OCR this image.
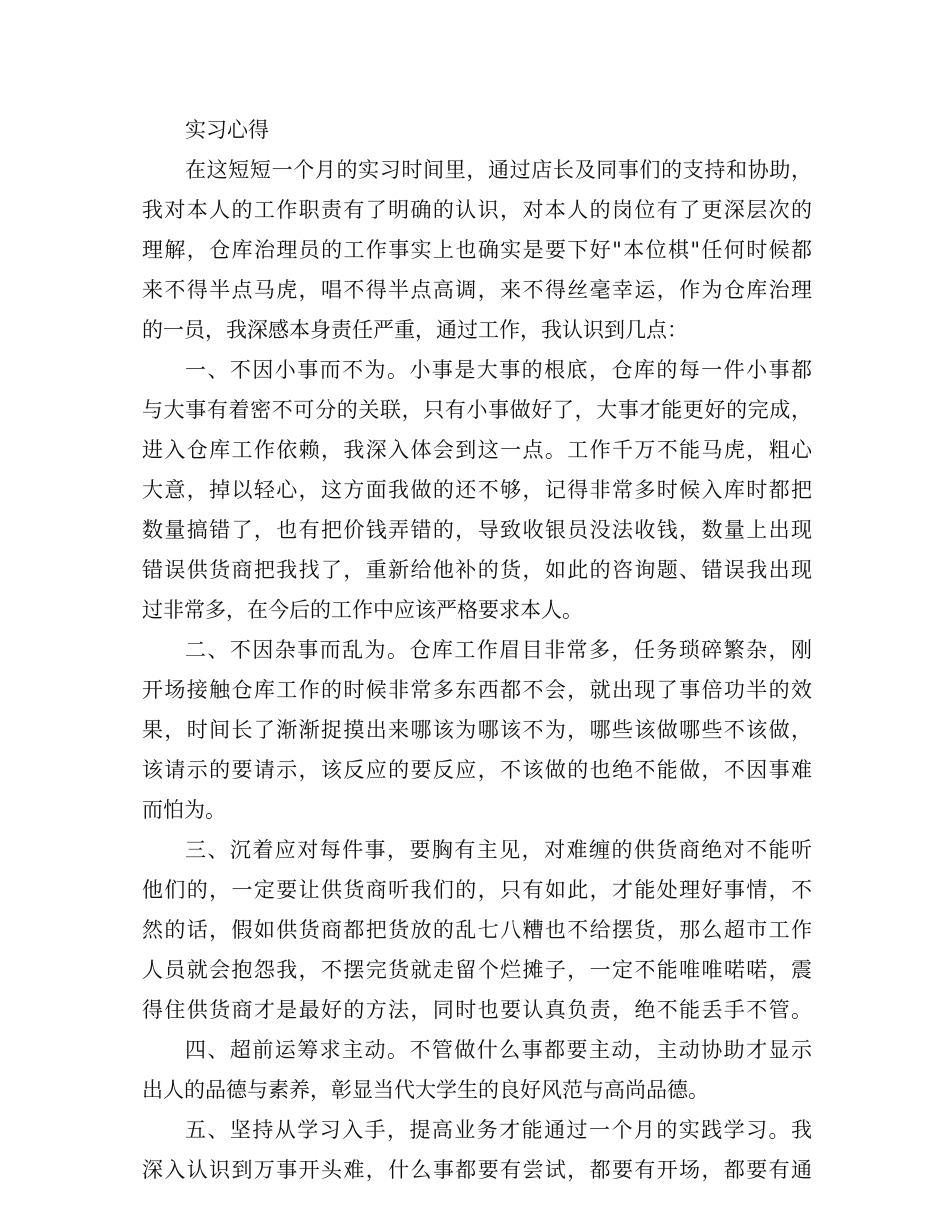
实习心得
在这短短一个月的实习时间里，通过店长及同事们的支持和协助，
我对本人的工作职责有了明确的认识，对本人的岗位有了更深层次的
理解，仓库治理员的工作事实上也确实是要下好"本位棋"任何时候都
来不得半点马虎，唱不得半点高调，来不得丝毫幸运，作为仓库治理
的一员，我深感本身责任严重，通过工作，我认识到几点：
一、不因小事而不为。小事是大事的根底，仓库的每一件小事都
与大事有着密不可分的关联，只有小事做好了，大事才能更好的完成，
进入仓库工作依赖，我深入体会到这一点。工作千万不能马虎，粗心
大意，掉以轻心，这方面我做的还不够，记得非常多时候入库时都把
数量搞错了，也有把价钱弄错的，导致收银员没法收钱，数量上出现
错误供货商把我找了，重新给他补的货，如此的咨询题、错误我出现
过非常多，在今后的工作中应该严格要求本人。
二、不因杂事而乱为。仓库工作眉目非常多，任务琐碎繁杂，刚
开场接触仓库工作的时候非常多东西都不会，就出现了事倍功半的效
果，时间长了渐渐捉摸出来哪该为哪该不为，哪些该做哪些不该做，
该请示的要请示，该反应的要反应，不该做的也绝不能做，不因事难
而怕为。
三、沉着应对每件事，要胸有主见，对难缠的供货商绝对不能听
他们的，一定要让供货商听我们的，只有如此，才能处理好事情，不
然的话，假如供货商都把货放的乱七八糟也不给摆货，那么超市工作
人员就会抱怨我，不摆完货就走留个烂摊子，一定不能唯唯喏喏，震
得住供货商才是最好的方法，同时也要认真负责，绝不能丢手不管。
四、超前运筹求主动。不管做什么事都要主动，主动协助才显示
出人的品德与素养，彰显当代大学生的良好风范与高尚品德。
五、坚持从学习入手，提高业务才能通过一个月的实践学习。我
深入认识到万事开头难，什么事都要有尝试，都要有开场，都要有通
